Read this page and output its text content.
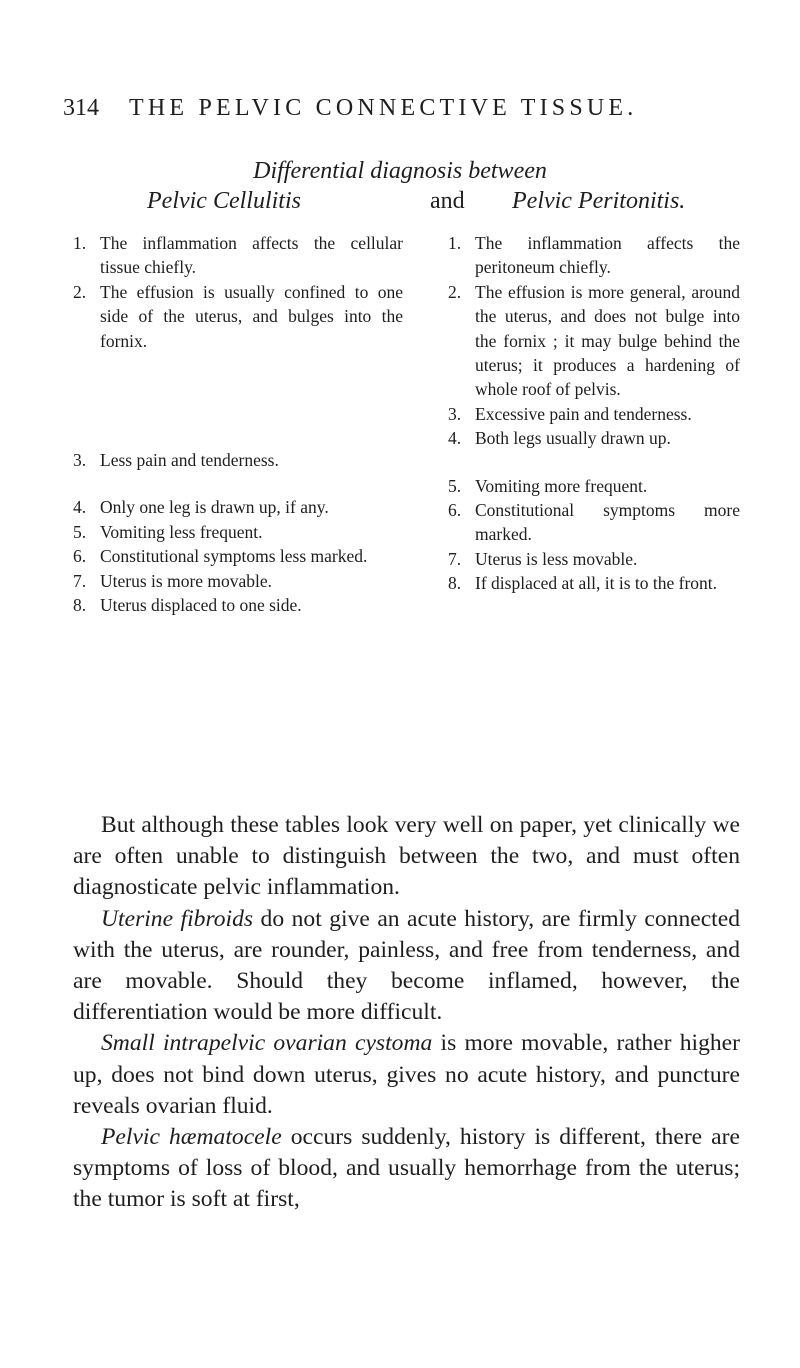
314 THE PELVIC CONNECTIVE TISSUE.
Differential diagnosis between
Pelvic Cellulitis	and Pelvic Peritonitis.
1. The inflammation affects the cellular tissue chiefly.
2. The effusion is usually confined to one side of the uterus, and bulges into the fornix.
3. Less pain and tenderness.
4. Only one leg is drawn up, if any.
5. Vomiting less frequent.
6. Constitutional symptoms less marked.
7. Uterus is more movable.
8. Uterus displaced to one side.
1. The inflammation affects the peritoneum chiefly.
2. The effusion is more general, around the uterus, and does not bulge into the fornix ; it may bulge behind the uterus; it produces a hardening of whole roof of pelvis.
3. Excessive pain and tenderness.
4. Both legs usually drawn up.
5. Vomiting more frequent.
6. Constitutional symptoms more marked.
7. Uterus is less movable.
8. If displaced at all, it is to the front.

But although these tables look very well on paper, yet clinically we are often unable to distinguish between the two, and must often diagnosticate pelvic inflammation.

Uterine fibroids do not give an acute history, are firmly connected with the uterus, are rounder, painless, and free from tenderness, and are movable. Should they become inflamed, however, the differentiation would be more difficult.

Small intrapelvic ovarian cystoma is more movable, rather higher up, does not bind down uterus, gives no acute history, and puncture reveals ovarian fluid.

Pelvic hæmatocele occurs suddenly, history is different, there are symptoms of loss of blood, and usually hemorrhage from the uterus; the tumor is soft at first,
